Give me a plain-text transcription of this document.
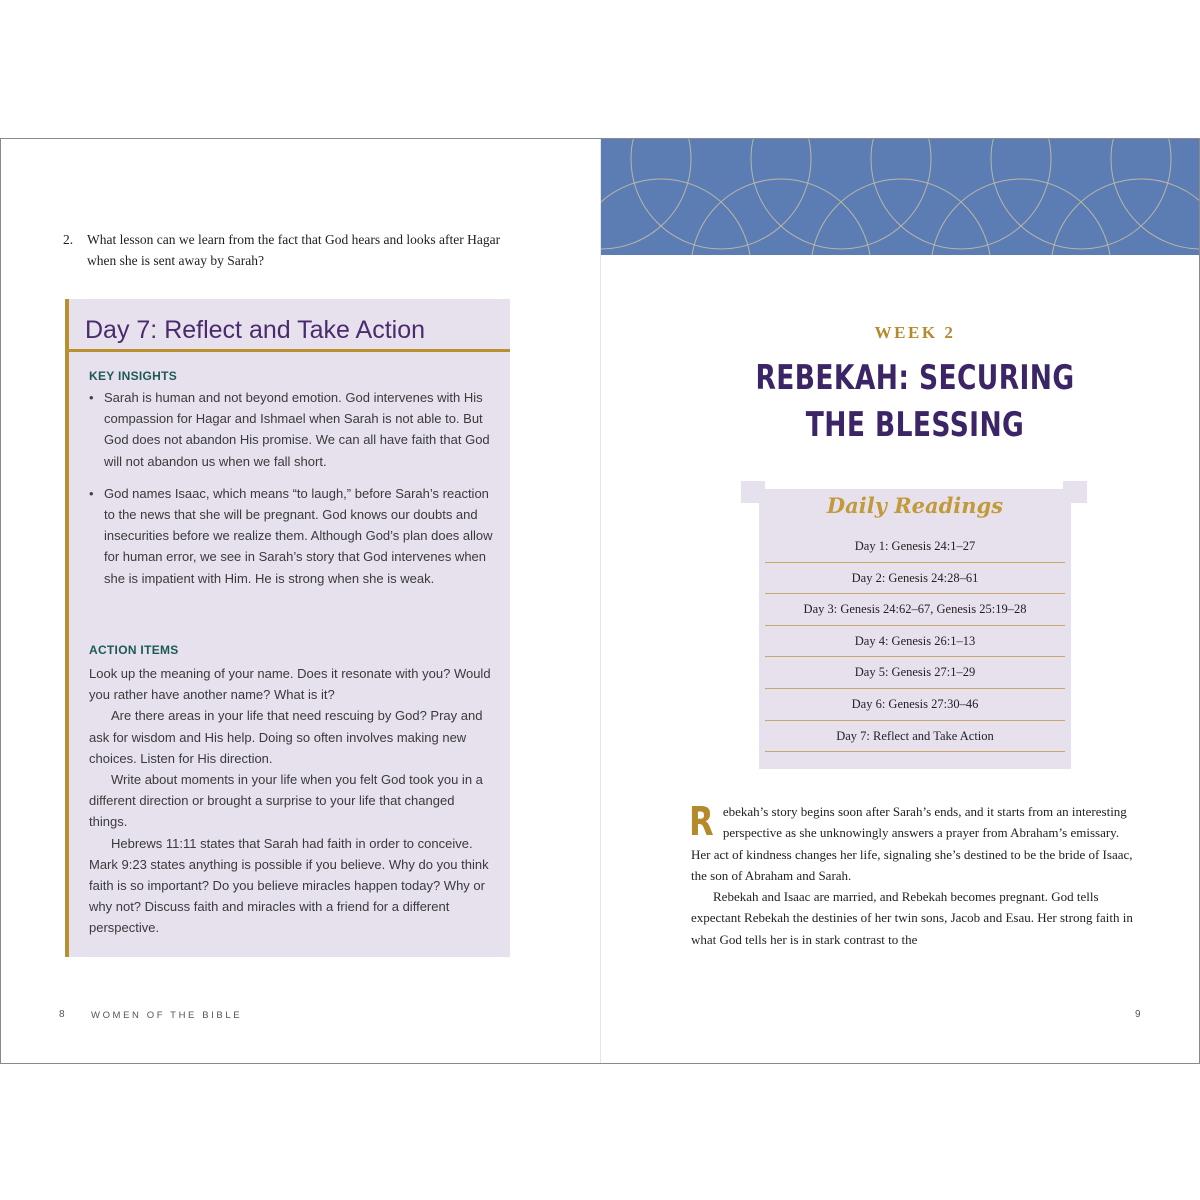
2.	What lesson can we learn from the fact that God hears and looks after Hagar when she is sent away by Sarah?
Day 7: Reflect and Take Action
KEY INSIGHTS
• Sarah is human and not beyond emotion. God intervenes with His compassion for Hagar and Ishmael when Sarah is not able to. But God does not abandon His promise. We can all have faith that God will not abandon us when we fall short.
• God names Isaac, which means “to laugh,” before Sarah’s reaction to the news that she will be pregnant. God knows our doubts and insecurities before we realize them. Although God’s plan does allow for human error, we see in Sarah’s story that God intervenes when she is impatient with Him. He is strong when she is weak.
ACTION ITEMS

Look up the meaning of your name. Does it resonate with you? Would you rather have another name? What is it?

Are there areas in your life that need rescuing by God? Pray and ask for wisdom and His help. Doing so often involves making new choices. Listen for His direction.

Write about moments in your life when you felt God took you in a different direction or brought a surprise to your life that changed things.

Hebrews 11:11 states that Sarah had faith in order to conceive. Mark 9:23 states anything is possible if you believe. Why do you think faith is so important? Do you believe miracles happen today? Why or why not? Discuss faith and miracles with a friend for a different perspective.

8	WOMEN OF THE BIBLE
WEEK 2
REBEKAH: SECURING
THE BLESSING
Daily Readings
Day 1: Genesis 24:1–27
Day 2: Genesis 24:28–61
Day 3: Genesis 24:62–67, Genesis 25:19–28
Day 4: Genesis 26:1–13
Day 5: Genesis 27:1–29
Day 6: Genesis 27:30–46
Day 7: Reflect and Take Action

Rebekah’s story begins soon after Sarah’s ends, and it starts from an interesting perspective as she unknowingly answers a prayer from Abraham’s emissary. Her act of kindness changes her life, signaling she’s destined to be the bride of Isaac, the son of Abraham and Sarah.

Rebekah and Isaac are married, and Rebekah becomes pregnant. God tells expectant Rebekah the destinies of her twin sons, Jacob and Esau. Her strong faith in what God tells her is in stark contrast to the

9
